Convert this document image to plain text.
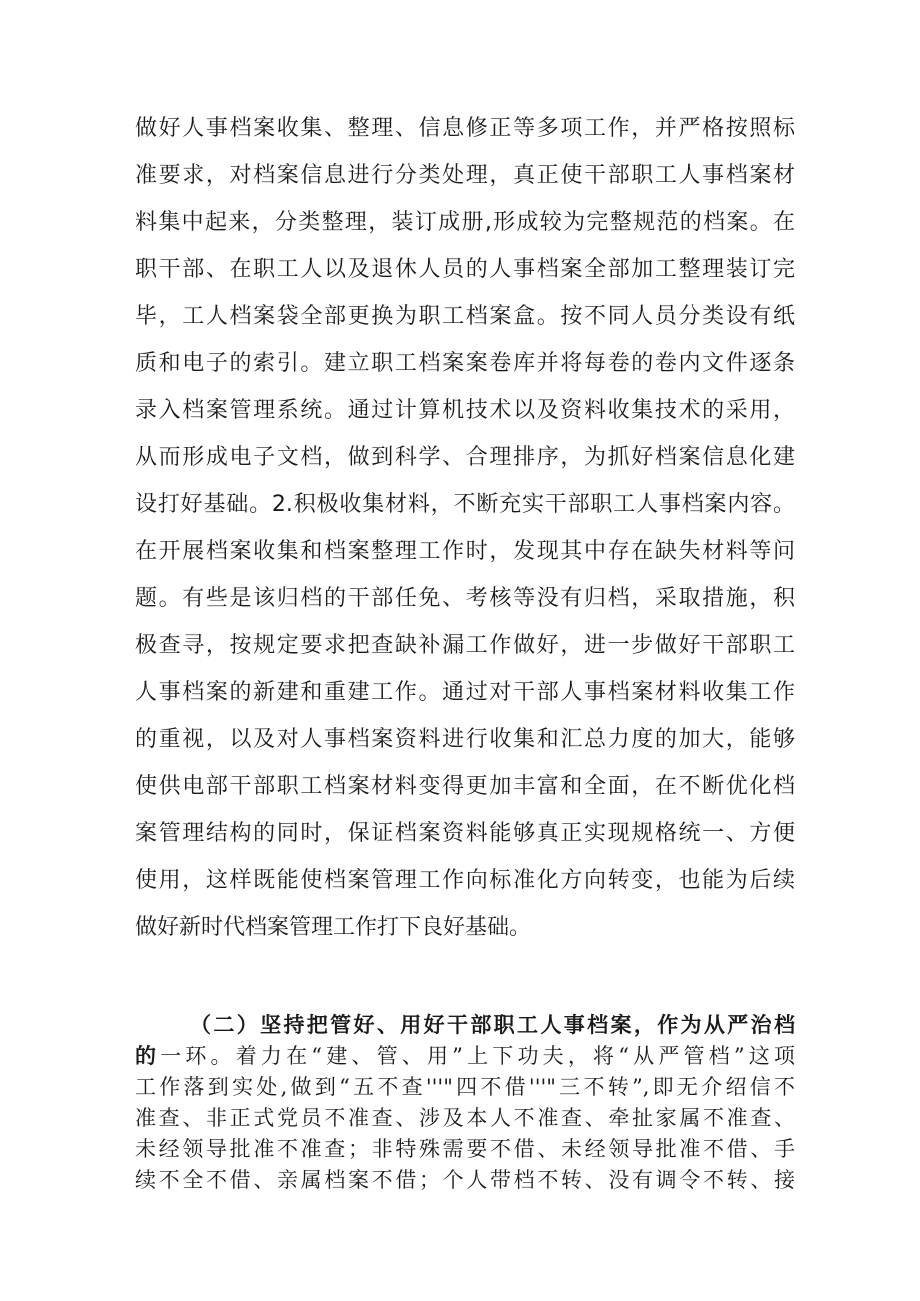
做好人事档案收集、整理、信息修正等多项工作，并严格按照标

准要求，对档案信息进行分类处理，真正使干部职工人事档案材

料集中起来，分类整理，装订成册,形成较为完整规范的档案。在

职干部、在职工人以及退休人员的人事档案全部加工整理装订完

毕，工人档案袋全部更换为职工档案盒。按不同人员分类设有纸

质和电子的索引。建立职工档案案卷库并将每卷的卷内文件逐条

录入档案管理系统。通过计算机技术以及资料收集技术的采用，

从而形成电子文档，做到科学、合理排序，为抓好档案信息化建

设打好基础。2.积极收集材料，不断充实干部职工人事档案内容。

在开展档案收集和档案整理工作时，发现其中存在缺失材料等问

题。有些是该归档的干部任免、考核等没有归档，采取措施，积

极查寻，按规定要求把查缺补漏工作做好，进一步做好干部职工

人事档案的新建和重建工作。通过对干部人事档案材料收集工作

的重视，以及对人事档案资料进行收集和汇总力度的加大，能够

使供电部干部职工档案材料变得更加丰富和全面，在不断优化档

案管理结构的同时，保证档案资料能够真正实现规格统一、方便

使用，这样既能使档案管理工作向标准化方向转变，也能为后续

做好新时代档案管理工作打下良好基础。

（二）坚持把管好、用好干部职工人事档案，作为从严治档

的一环。着力在“建、管、用”上下功夫，将“从严管档”这项

工作落到实处,做到“五不查'''"四不借'''"三不转”,即无介绍信不

准查、非正式党员不准查、涉及本人不准查、牵扯家属不准查、

未经领导批准不准查；非特殊需要不借、未经领导批准不借、手

续不全不借、亲属档案不借；个人带档不转、没有调令不转、接
